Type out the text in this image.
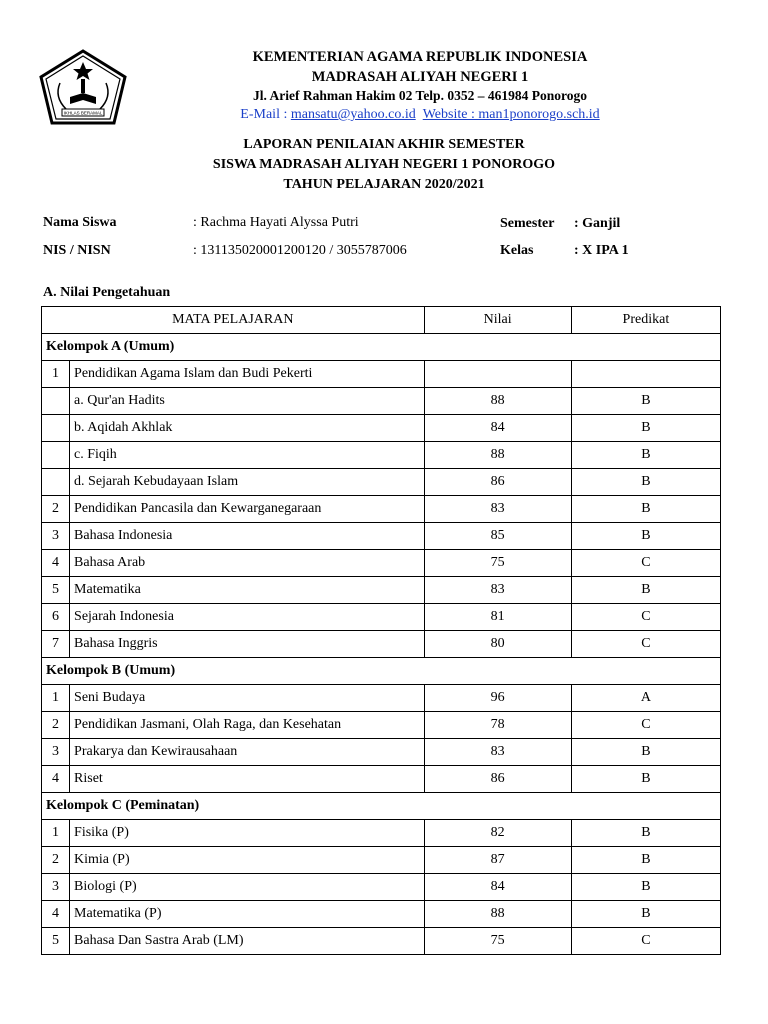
IKHLAS BERAMAL
KEMENTERIAN AGAMA REPUBLIK INDONESIA
MADRASAH ALIYAH NEGERI 1
Jl. Arief Rahman Hakim 02 Telp. 0352 – 461984 Ponorogo
E-Mail : mansatu@yahoo.co.id Website : man1ponorogo.sch.id
LAPORAN PENILAIAN AKHIR SEMESTER
SISWA MADRASAH ALIYAH NEGERI 1 PONOROGO
TAHUN PELAJARAN 2020/2021
Nama Siswa	: Rachma Hayati Alyssa Putri
NIS / NISN	: 131135020001200120 / 3055787006
Semester : Ganjil
Kelas	: X IPA 1
A. Nilai Pengetahuan
MATA PELAJARAN		Nilai	Predikat
Kelompok A (Umum)			
1	Pendidikan Agama Islam dan Budi Pekerti		
	a. Qur'an Hadits	88	B
	b. Aqidah Akhlak	84	B
	c. Fiqih	88	B
	d. Sejarah Kebudayaan Islam	86	B
2	Pendidikan Pancasila dan Kewarganegaraan	83	B
3	Bahasa Indonesia	85	B
4	Bahasa Arab	75	C
5	Matematika	83	B
6	Sejarah Indonesia	81	C
7	Bahasa Inggris	80	C
Kelompok B (Umum)			
1	Seni Budaya	96	A
2	Pendidikan Jasmani, Olah Raga, dan Kesehatan	78	C
3	Prakarya dan Kewirausahaan	83	B
4	Riset	86	B
Kelompok C (Peminatan)			
1	Fisika (P)	82	B
2	Kimia (P)	87	B
3	Biologi (P)	84	B
4	Matematika (P)	88	B
5	Bahasa Dan Sastra Arab (LM)	75	C
